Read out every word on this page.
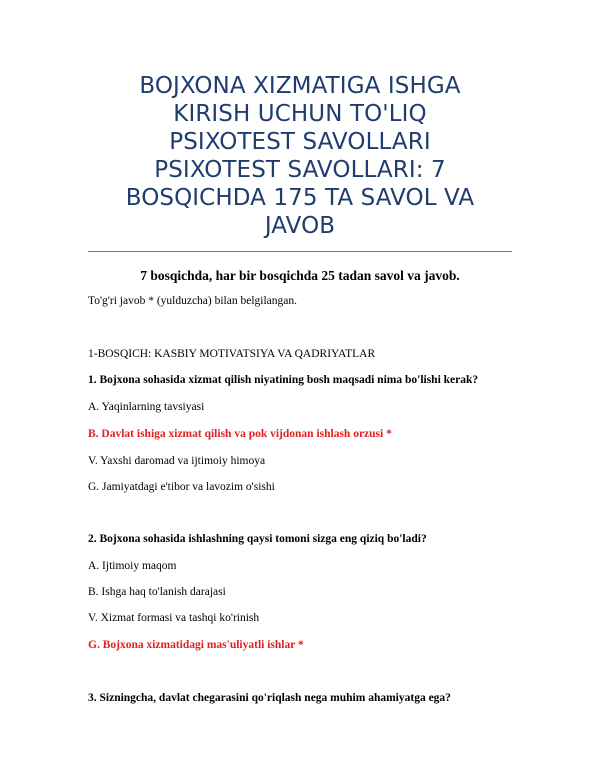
BOJXONA XIZMATIGA ISHGA
KIRISH UCHUN TO'LIQ
PSIXOTEST SAVOLLARI
PSIXOTEST SAVOLLARI: 7
BOSQICHDA 175 TA SAVOL VA
JAVOB
7 bosqichda, har bir bosqichda 25 tadan savol va javob.
To'g'ri javob * (yulduzcha) bilan belgilangan.
1-BOSQICH: KASBIY MOTIVATSIYA VA QADRIYATLAR
1. Bojxona sohasida xizmat qilish niyatining bosh maqsadi nima bo'lishi kerak?
A. Yaqinlarning tavsiyasi
B. Davlat ishiga xizmat qilish va pok vijdonan ishlash orzusi *
V. Yaxshi daromad va ijtimoiy himoya
G. Jamiyatdagi e'tibor va lavozim o'sishi
2. Bojxona sohasida ishlashning qaysi tomoni sizga eng qiziq bo'ladi?
A. Ijtimoiy maqom
B. Ishga haq to'lanish darajasi
V. Xizmat formasi va tashqi ko'rinish
G. Bojxona xizmatidagi mas'uliyatli ishlar *
3. Sizningcha, davlat chegarasini qo'riqlash nega muhim ahamiyatga ega?
